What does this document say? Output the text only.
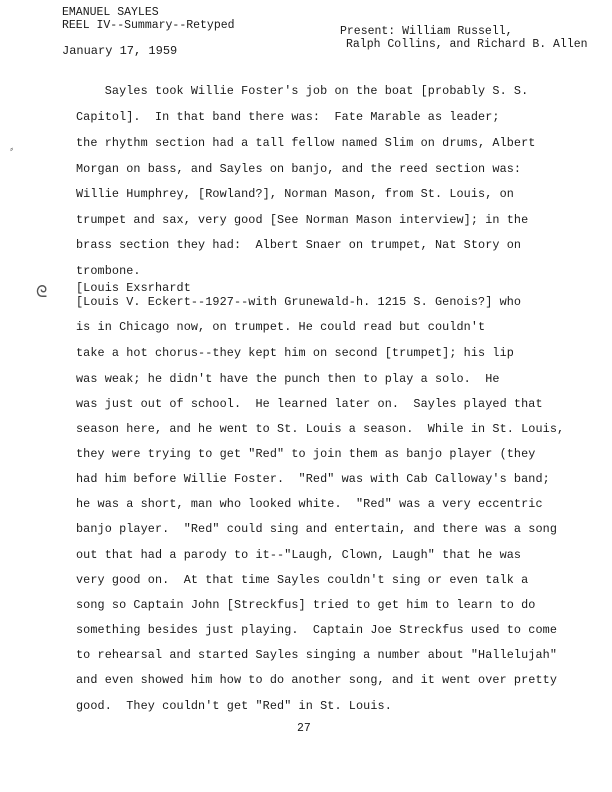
EMANUEL SAYLES

REEL IV--Summary--Retyped

January 17, 1959

Present: William Russell,

Ralph Collins, and Richard B. Allen

⸗
ᘓ

Sayles took Willie Foster's job on the boat [probably S. S.

Capitol].  In that band there was:  Fate Marable as leader;

the rhythm section had a tall fellow named Slim on drums, Albert

Morgan on bass, and Sayles on banjo, and the reed section was:

Willie Humphrey, [Rowland?], Norman Mason, from St. Louis, on

trumpet and sax, very good [See Norman Mason interview]; in the

brass section they had:  Albert Snaer on trumpet, Nat Story on

trombone.

[Louis Exsrhardt

[Louis V. Eckert--1927--with Grunewald-h. 1215 S. Genois?] who

is in Chicago now, on trumpet. He could read but couldn't

take a hot chorus--they kept him on second [trumpet]; his lip

was weak; he didn't have the punch then to play a solo.  He

was just out of school.  He learned later on.  Sayles played that

season here, and he went to St. Louis a season.  While in St. Louis,

they were trying to get "Red" to join them as banjo player (they

had him before Willie Foster.  "Red" was with Cab Calloway's band;

he was a short, man who looked white.  "Red" was a very eccentric

banjo player.  "Red" could sing and entertain, and there was a song

out that had a parody to it--"Laugh, Clown, Laugh" that he was

very good on.  At that time Sayles couldn't sing or even talk a

song so Captain John [Streckfus] tried to get him to learn to do

something besides just playing.  Captain Joe Streckfus used to come

to rehearsal and started Sayles singing a number about "Hallelujah"

and even showed him how to do another song, and it went over pretty

good.  They couldn't get "Red" in St. Louis.

27
